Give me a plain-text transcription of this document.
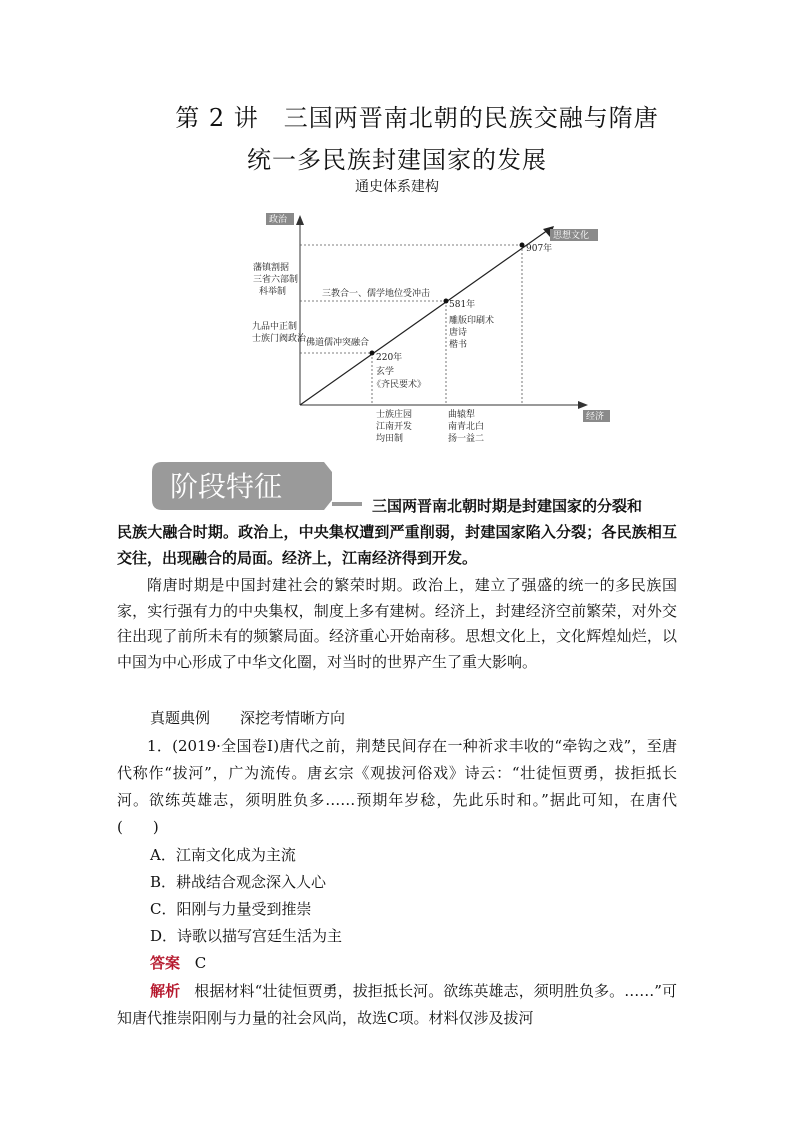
第 2 讲　三国两晋南北朝的民族交融与隋唐
统一多民族封建国家的发展
通史体系建构
政治
思想文化
经济
220年
581年
907年
藩镇割据
三省六部制
科举制
九品中正制
士族门阀政治
三教合一、儒学地位受冲击
佛道儒冲突融合
玄学
《齐民要术》
雕版印刷术
唐诗
楷书
士族庄园
江南开发
均田制
曲辕犁
南青北白
扬一益二
阶段特征
三国两晋南北朝时期是封建国家的分裂和
民族大融合时期。政治上，中央集权遭到严重削弱，封建国家陷入分裂；各民族相互交往，出现融合的局面。经济上，江南经济得到开发。
隋唐时期是中国封建社会的繁荣时期。政治上，建立了强盛的统一的多民族国家，实行强有力的中央集权，制度上多有建树。经济上，封建经济空前繁荣，对外交往出现了前所未有的频繁局面。经济重心开始南移。思想文化上，文化辉煌灿烂，以中国为中心形成了中华文化圈，对当时的世界产生了重大影响。
真题典例　　深挖考情晰方向
1．(2019·全国卷Ⅰ)唐代之前，荆楚民间存在一种祈求丰收的“牵钩之戏”，至唐代称作“拔河”，广为流传。唐玄宗《观拔河俗戏》诗云：“壮徒恒贾勇，拔拒抵长河。欲练英雄志，须明胜负多……预期年岁稔，先此乐时和。”据此可知，在唐代(　　)
A．江南文化成为主流
B．耕战结合观念深入人心
C．阳刚与力量受到推崇
D．诗歌以描写宫廷生活为主
答案 C
解析 根据材料“壮徒恒贾勇，拔拒抵长河。欲练英雄志，须明胜负多。……”可知唐代推崇阳刚与力量的社会风尚，故选C项。材料仅涉及拔河
